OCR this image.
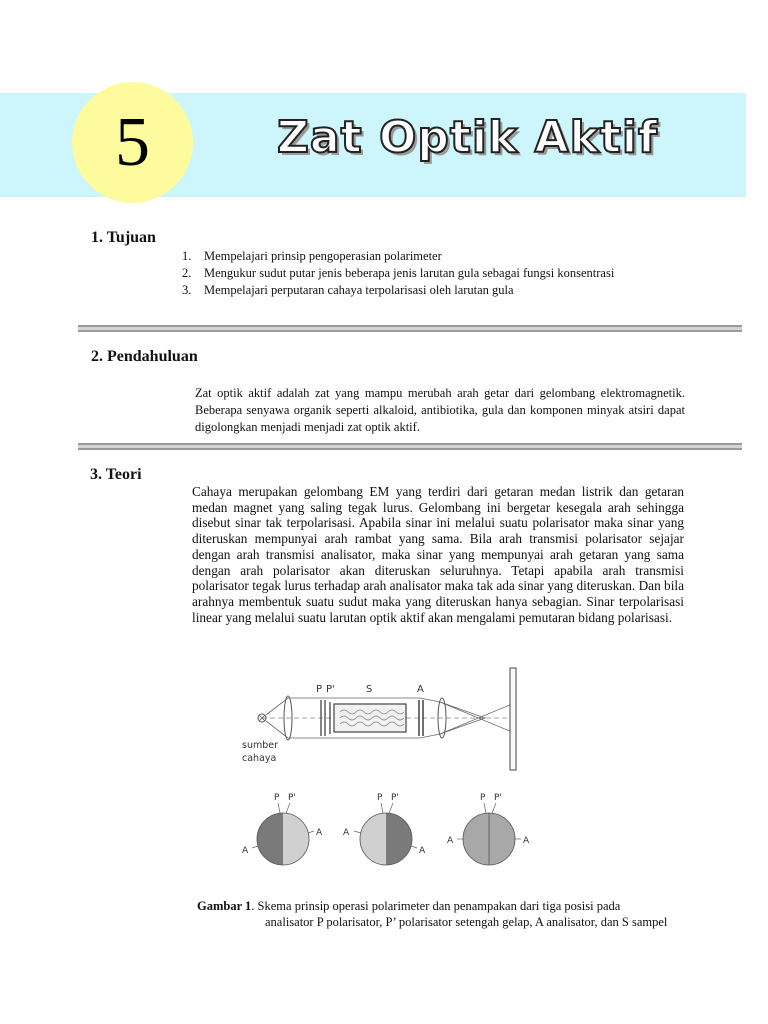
5	Zat Optik Aktif
1. Tujuan
1. Mempelajari prinsip pengoperasian polarimeter
2. Mengukur sudut putar jenis beberapa jenis larutan gula sebagai fungsi konsentrasi
3. Mempelajari perputaran cahaya terpolarisasi oleh larutan gula
2. Pendahuluan
Zat optik aktif adalah zat yang mampu merubah arah getar dari gelombang elektromagnetik. Beberapa senyawa organik seperti alkaloid, antibiotika, gula dan komponen minyak atsiri dapat digolongkan menjadi menjadi zat optik aktif.
3. Teori
Cahaya merupakan gelombang EM yang terdiri dari getaran medan listrik dan getaran medan magnet yang saling tegak lurus. Gelombang ini bergetar kesegala arah sehingga disebut sinar tak terpolarisasi. Apabila sinar ini melalui suatu polarisator maka sinar yang diteruskan mempunyai arah rambat yang sama. Bila arah transmisi polarisator sejajar dengan arah transmisi analisator, maka sinar yang mempunyai arah getaran yang sama dengan arah polarisator akan diteruskan seluruhnya. Tetapi apabila arah transmisi polarisator tegak lurus terhadap arah analisator maka tak ada sinar yang diteruskan. Dan bila arahnya membentuk suatu sudut maka yang diteruskan hanya sebagian. Sinar terpolarisasi linear yang melalui suatu larutan optik aktif akan mengalami pemutaran bidang polarisasi.
P P'	S	A
sumber
cahaya
P P'
A
A
P P'
A
A
P P'
A	A
Gambar 1. Skema prinsip operasi polarimeter dan penampakan dari tiga posisi pada
analisator P polarisator, P’ polarisator setengah gelap, A analisator, dan S sampel
